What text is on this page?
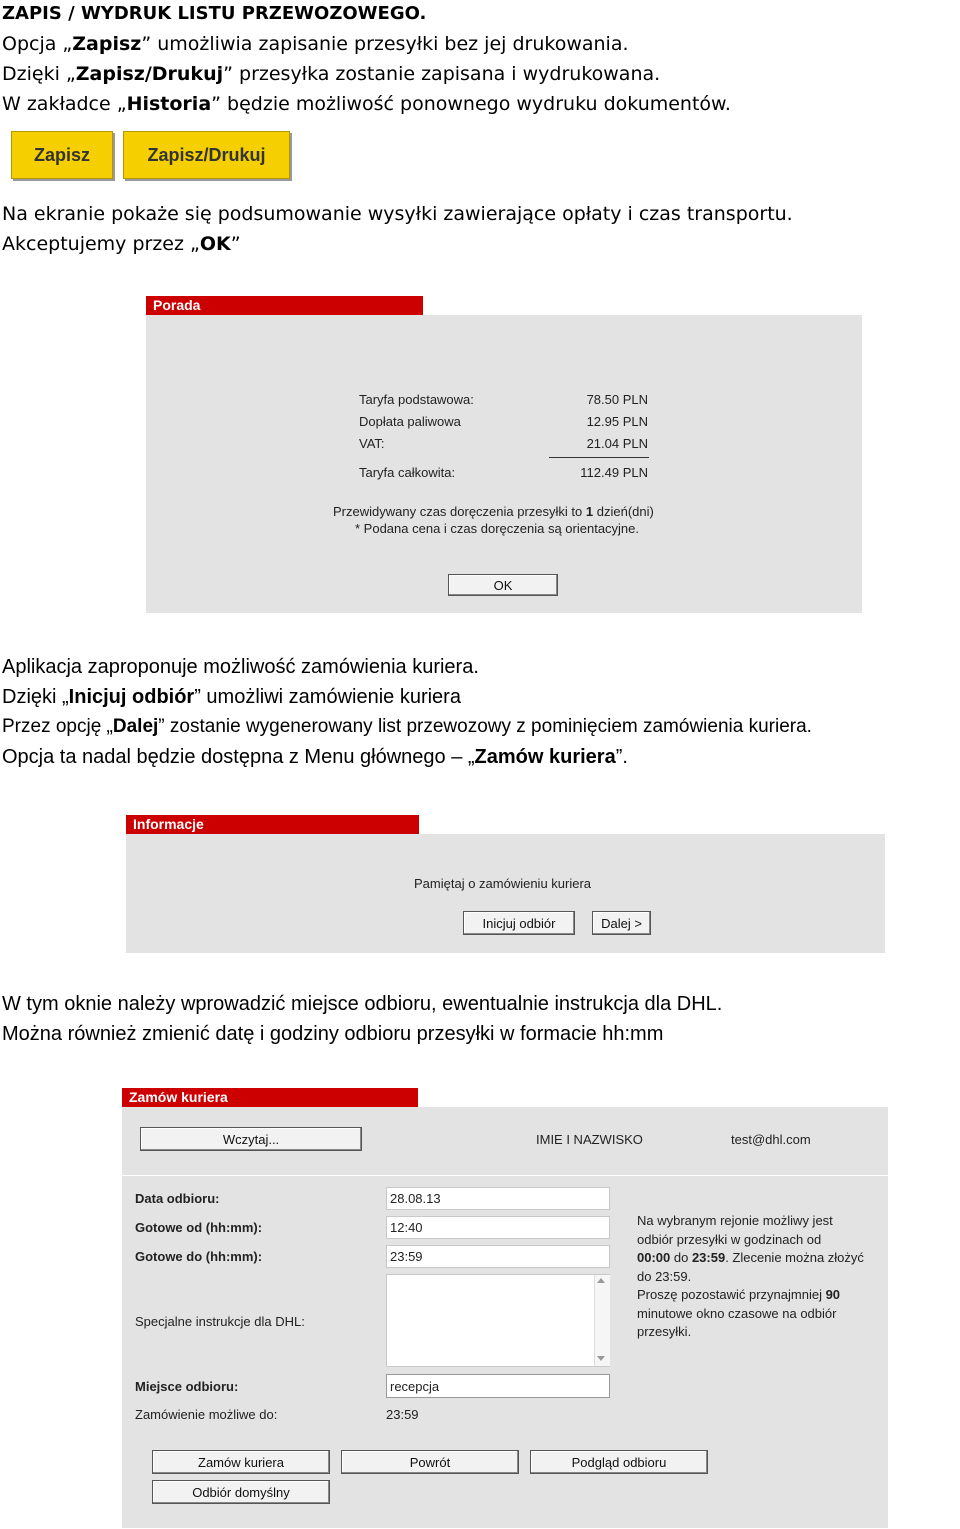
ZAPIS / WYDRUK LISTU PRZEWOZOWEGO.
Opcja „Zapisz” umożliwia zapisanie przesyłki bez jej drukowania.
Dzięki „Zapisz/Drukuj” przesyłka zostanie zapisana i wydrukowana.
W zakładce „Historia” będzie możliwość ponownego wydruku dokumentów.
Zapisz	Zapisz/Drukuj
Na ekranie pokaże się podsumowanie wysyłki zawierające opłaty i czas transportu.
Akceptujemy przez „OK”
Porada
Taryfa podstawowa:	78.50 PLN
Dopłata paliwowa	12.95 PLN
VAT:	21.04 PLN
Taryfa całkowita:	112.49 PLN
Przewidywany czas doręczenia przesyłki to 1 dzień(dni)
* Podana cena i czas doręczenia są orientacyjne.
OK
Aplikacja zaproponuje możliwość zamówienia kuriera.
Dzięki „Inicjuj odbiór” umożliwi zamówienie kuriera
Przez opcję „Dalej” zostanie wygenerowany list przewozowy z pominięciem zamówienia kuriera.
Opcja ta nadal będzie dostępna z Menu głównego – „Zamów kuriera”.
Informacje
Pamiętaj o zamówieniu kuriera
Inicjuj odbiór	Dalej >
W tym oknie należy wprowadzić miejsce odbioru, ewentualnie instrukcja dla DHL.
Można również zmienić datę i godziny odbioru przesyłki w formacie hh:mm
Zamów kuriera
Wczytaj...	IMIE I NAZWISKO	test@dhl.com
Data odbioru:	28.08.13
Gotowe od (hh:mm):	12:40
Gotowe do (hh:mm):	23:59
Specjalne instrukcje dla DHL:
Miejsce odbioru:	recepcja
Zamówienie możliwe do:	23:59
Na wybranym rejonie możliwy jest
odbiór przesyłki w godzinach od
00:00 do 23:59. Zlecenie można złożyć
do 23:59.
Proszę pozostawić przynajmniej 90
minutowe okno czasowe na odbiór
przesyłki.
Zamów kuriera	Powrót	Podgląd odbioru
Odbiór domyślny
